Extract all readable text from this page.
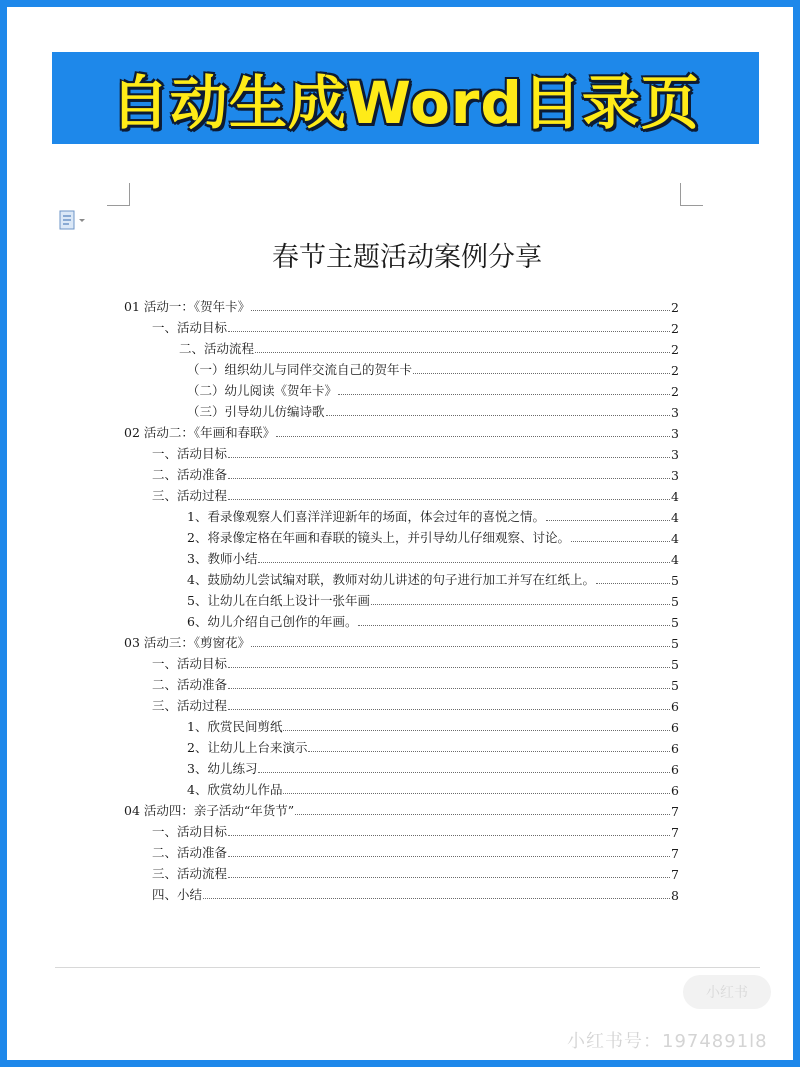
自动生成Word目录页
春节主题活动案例分享
01 活动一：《贺年卡》	2
一、活动目标	2
二、活动流程	2
（一）组织幼儿与同伴交流自己的贺年卡	2
（二）幼儿阅读《贺年卡》	2
（三）引导幼儿仿编诗歌	3
02 活动二：《年画和春联》	3
一、活动目标	3
二、活动准备	3
三、活动过程	4
1、看录像观察人们喜洋洋迎新年的场面，体会过年的喜悦之情。	4
2、将录像定格在年画和春联的镜头上，并引导幼儿仔细观察、讨论。	4
3、教师小结	4
4、鼓励幼儿尝试编对联，教师对幼儿讲述的句子进行加工并写在红纸上。	5
5、让幼儿在白纸上设计一张年画	5
6、幼儿介绍自己创作的年画。	5
03 活动三：《剪窗花》	5
一、活动目标	5
二、活动准备	5
三、活动过程	6
1、欣赏民间剪纸	6
2、让幼儿上台来演示	6
3、幼儿练习	6
4、欣赏幼儿作品	6
04 活动四：亲子活动“年货节”	7
一、活动目标	7
二、活动准备	7
三、活动流程	7
四、小结	8
小红书
小红书号：1974891l8
